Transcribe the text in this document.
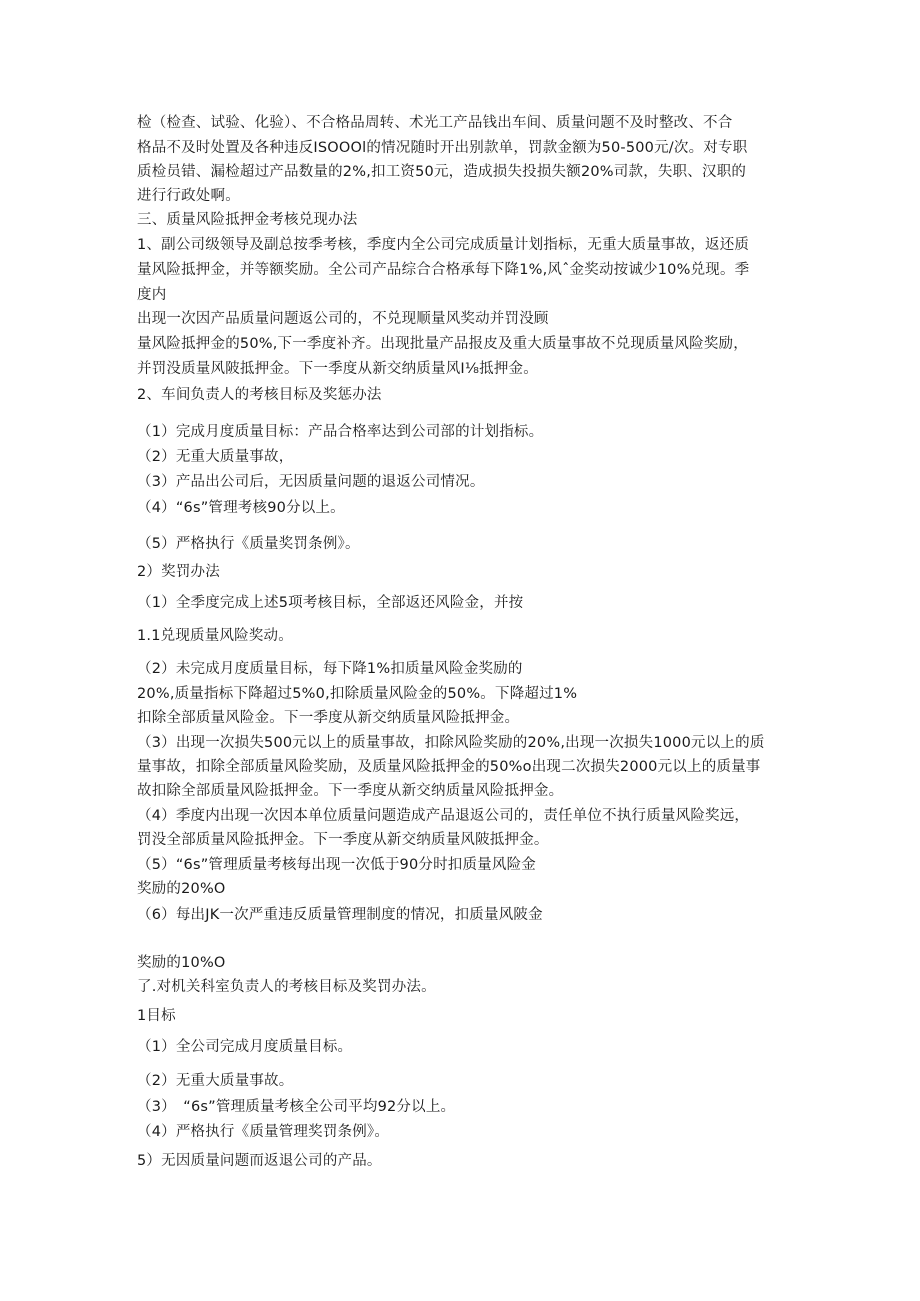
检（检查、试验、化验）、不合格品周转、术光工产品钱出车间、质量问题不及时整改、不合
格品不及时处置及各种违反ISOOOl的情况随时开出别款单，罚款金额为50-500元/次。对专职
质检员错、漏检超过产品数量的2%,扣工资50元，造成损失投损失额20%司款，失职、汉职的
进行行政处啊。
三、质量风险抵押金考核兑现办法
1、副公司级领导及副总按季考核，季度内全公司完成质量计划指标，无重大质量事故，返还质
量风险抵押金，并等额奖励。全公司产品综合合格承每下降1%,风ˆ金奖动按诚少10%兑现。季
度内
出现一次因产品质量问题返公司的，不兑现顺量风奖动并罚没顾
量风险抵押金的50%,下一季度补齐。出现批量产品报皮及重大质量事故不兑现质量风险奖励，
并罚没质量风陂抵押金。下一季度从新交纳质量风I⅛抵押金。
2、车间负责人的考核目标及奖惩办法
（1）完成月度质量目标：产品合格率达到公司部的计划指标。
（2）无重大质量事故，
（3）产品出公司后，无因质量问题的退返公司情况。
（4）“6s”管理考核90分以上。
（5）严格执行《质量奖罚条例》。
2）奖罚办法
（1）全季度完成上述5项考核目标，全部返还风险金，并按
1.1兑现质量风险奖动。
（2）未完成月度质量目标，每下降1%扣质量风险金奖励的
20%,质量指标下降超过5%0,扣除质量风险金的50%。下降超过1%
扣除全部质量风险金。下一季度从新交纳质量风险抵押金。
（3）出现一次损失500元以上的质量事故，扣除风险奖励的20%,出现一次损失1000元以上的质
量事故，扣除全部质量风险奖励，及质量风险抵押金的50%o出现二次损失2000元以上的质量事
故扣除全部质量风险抵押金。下一季度从新交纳质量风险抵押金。
（4）季度内出现一次因本单位质量问题造成产品退返公司的，责任单位不执行质量风险奖远，
罚没全部质量风险抵押金。下一季度从新交纳质量风陂抵押金。
（5）“6s”管理质量考核每出现一次低于90分时扣质量风险金
奖励的20%O
（6）每出JK一次严重违反质量管理制度的情况，扣质量风陂金
奖励的10%O
了.对机关科室负责人的考核目标及奖罚办法。
1目标
（1）全公司完成月度质量目标。
（2）无重大质量事故。
（3）　“6s”管理质量考核全公司平均92分以上。
（4）严格执行《质量管理奖罚条例》。
5）无因质量问题而返退公司的产品。
